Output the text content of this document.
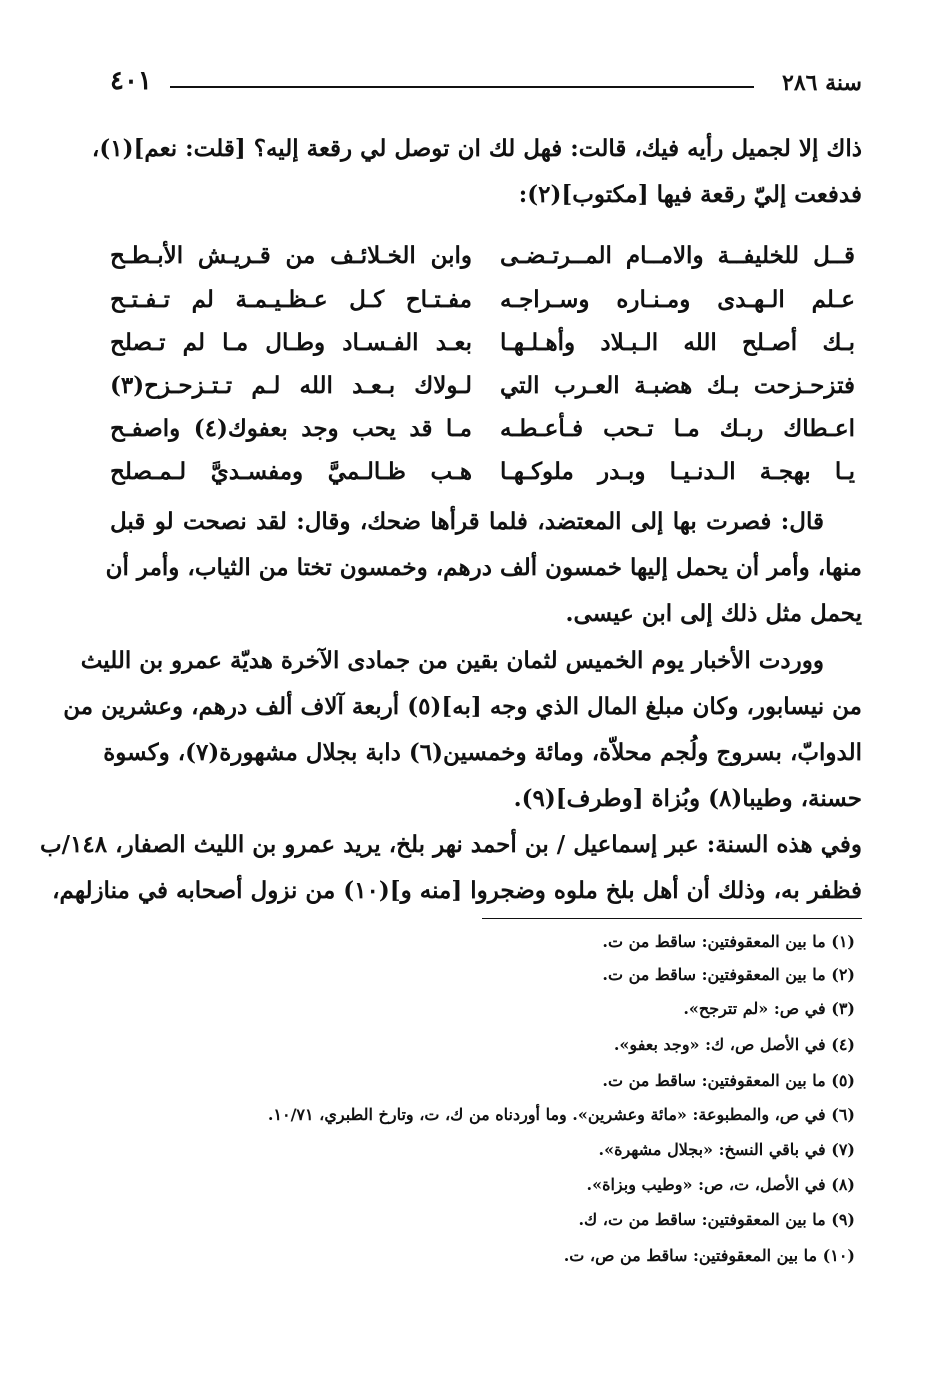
سنة ٢٨٦
٤٠١
ذاك إلا لجميل رأيه فيك، قالت: فهل لك ان توصل لي رقعة إليه؟ [قلت: نعم](١)،
فدفعت إليّ رقعة فيها [مكتوب](٢):
قــل للخليفــة والامــام المــرتـضـى
وابن الخـلائـف من قـريـش الأبـطـح
عـلم الـهـدى ومـنـاره وسـراجـه
مفـتـاح كـل عـظـيـمـة لم تـفـتـح
بـك أصـلح الله الـبـلاد وأهـلـهـا
بعـد الفـسـاد وطـال مـا لم تـصلح
فتزحـزحت بـك هضبـة العـرب التي
لـولاك بـعـد الله لـم تـتـزحـزح(٣)
اعـطاك ربـك مـا تـحب فـأعـطـه
مـا قد يحب وجد بعفوك(٤) واصفـح
يـا بهجـة الـدنـيـا وبـدر ملوكـهـا
هـب ظـالـميَّ ومفسـديَّ لـمـصلح
قال: فصرت بها إلى المعتضد، فلما قرأها ضحك، وقال: لقد نصحت لو قبل
منها، وأمر أن يحمل إليها خمسون ألف درهم، وخمسون تختا من الثياب، وأمر أن
يحمل مثل ذلك إلى ابن عيسى.
ووردت الأخبار يوم الخميس لثمان بقين من جمادى الآخرة هديّة عمرو بن الليث
من نيسابور، وكان مبلغ المال الذي وجه [به](٥) أربعة آلاف ألف درهم، وعشرين من
الدوابّ، بسروج ولُجم محلاّة، ومائة وخمسين(٦) دابة بجلال مشهورة(٧)، وكسوة
حسنة، وطيبا(٨) وبُزاة [وطرف](٩).
وفي هذه السنة: عبر إسماعيل / بن أحمد نهر بلخ، يريد عمرو بن الليث الصفار، ١٤٨/ب
فظفر به، وذلك أن أهل بلخ ملوه وضجروا [منه و](١٠) من نزول أصحابه في منازلهم،
(١) ما بين المعقوفتين: ساقط من ت.
(٢) ما بين المعقوفتين: ساقط من ت.
(٣) في ص: «لم تترجح».
(٤) في الأصل ص، ك: «وجد بعفو».
(٥) ما بين المعقوفتين: ساقط من ت.
(٦) في ص، والمطبوعة: «مائة وعشرين». وما أوردناه من ك، ت، وتارخ الطبري، ١٠/٧١.
(٧) في باقي النسخ: «بجلال مشهرة».
(٨) في الأصل، ت، ص: «وطيب وبزاة».
(٩) ما بين المعقوفتين: ساقط من ت، ك.
(١٠) ما بين المعقوفتين: ساقط من ص، ت.
